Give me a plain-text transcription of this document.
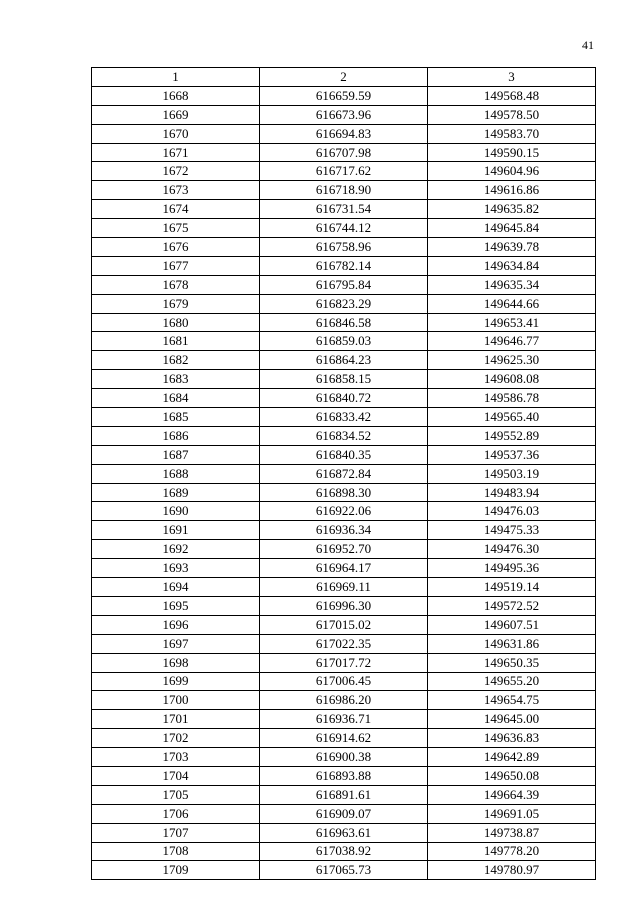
41
1	2	3
1668	616659.59	149568.48
1669	616673.96	149578.50
1670	616694.83	149583.70
1671	616707.98	149590.15
1672	616717.62	149604.96
1673	616718.90	149616.86
1674	616731.54	149635.82
1675	616744.12	149645.84
1676	616758.96	149639.78
1677	616782.14	149634.84
1678	616795.84	149635.34
1679	616823.29	149644.66
1680	616846.58	149653.41
1681	616859.03	149646.77
1682	616864.23	149625.30
1683	616858.15	149608.08
1684	616840.72	149586.78
1685	616833.42	149565.40
1686	616834.52	149552.89
1687	616840.35	149537.36
1688	616872.84	149503.19
1689	616898.30	149483.94
1690	616922.06	149476.03
1691	616936.34	149475.33
1692	616952.70	149476.30
1693	616964.17	149495.36
1694	616969.11	149519.14
1695	616996.30	149572.52
1696	617015.02	149607.51
1697	617022.35	149631.86
1698	617017.72	149650.35
1699	617006.45	149655.20
1700	616986.20	149654.75
1701	616936.71	149645.00
1702	616914.62	149636.83
1703	616900.38	149642.89
1704	616893.88	149650.08
1705	616891.61	149664.39
1706	616909.07	149691.05
1707	616963.61	149738.87
1708	617038.92	149778.20
1709	617065.73	149780.97
